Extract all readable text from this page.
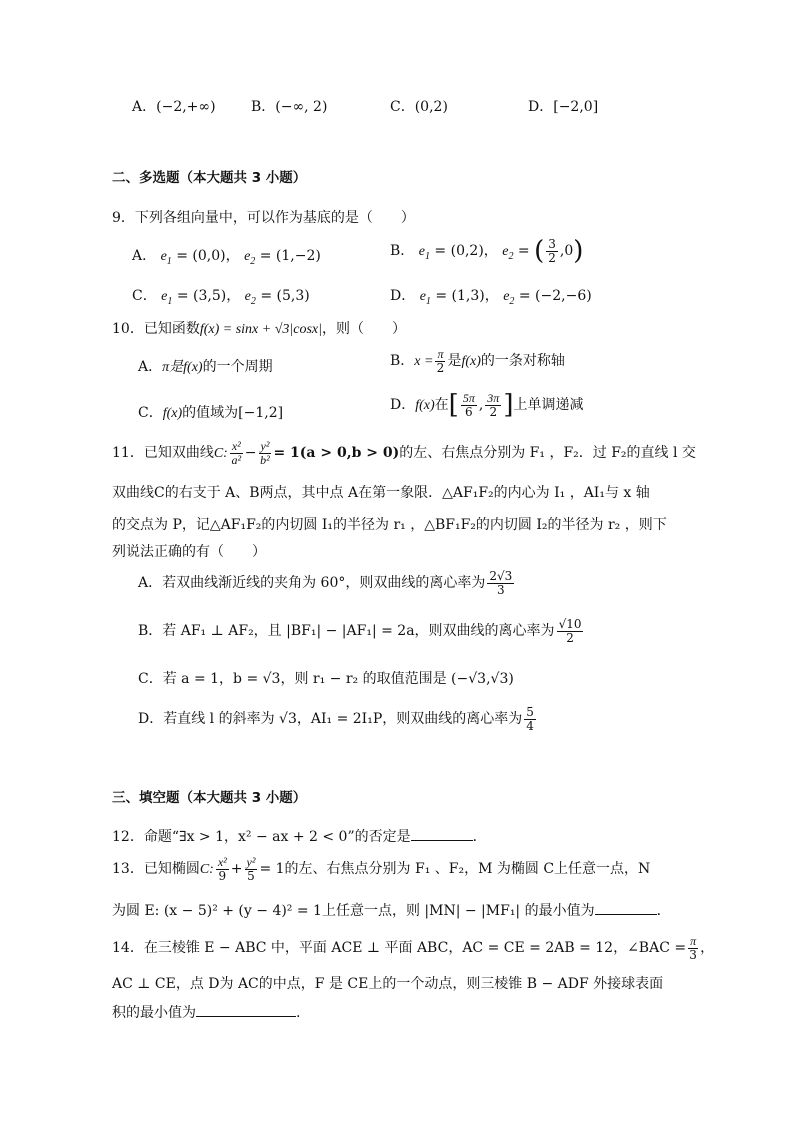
A．(−2,+∞)	B．(−∞, 2)	C．(0,2)	D．[−2,0]
二、多选题（本大题共 3 小题）
9．下列各组向量中，可以作为基底的是（　　）
A． $e_1 = (0,0)$， $e_2 = (1,-2)$	B． $e_1 = (0,2)$， $e_2$ = ( $\frac{3}{2} ,0$)
C． $e_1 = (3,5)$， $e_2 = (5,3)$	D． $e_1 = (1,3)$， $e_2 = (-2,-6)$
10．已知函数f(x) = sinx + √3|cosx|，则（　　）
A．π是f(x)的一个周期	B．$x = \frac{\pi}{2}$ 是f(x)的一条对称轴
C．f(x)的值域为[−1,2]	D．f(x)在[ $\frac{5\pi}{6}$ , $\frac{3\pi}{2}$ ]上单调递减
11．已知双曲线C: $\frac{\text{x²}}{\text{a²}} - \frac{\text{y²}}{\text{b²}} = 1(a > 0,b > 0)$的左、右焦点分别为 F₁ ，F₂．过 F₂的直线 l 交
双曲线C的右支于 A、B两点，其中点 A在第一象限．△AF₁F₂的内心为 I₁ ，AI₁与 x 轴
的交点为 P，记△AF₁F₂的内切圆 I₁的半径为 r₁ ，△BF₁F₂的内切圆 I₂的半径为 r₂ ，则下
列说法正确的有（　　）
A．若双曲线渐近线的夹角为 60°，则双曲线的离心率为 $\frac{2√3}{3}$
B．若 AF₁ ⊥ AF₂，且 |BF₁| − |AF₁| = 2a，则双曲线的离心率为 $\frac{√10}{2}$
C．若 a = 1，b = √3，则 r₁ − r₂ 的取值范围是 (−√3,√3)
D．若直线 l 的斜率为 √3，AI₁ = 2I₁P，则双曲线的离心率为 $\frac{5}{4}$
三、填空题（本大题共 3 小题）
12．命题“∃x > 1，x² − ax + 2 < 0”的否定是	．
13．已知椭圆C: $\frac{\text{x²}}{9} + \frac{\text{y²}}{5} = 1$的左、右焦点分别为 F₁ 、F₂，M 为椭圆 C上任意一点，N
为圆 E: (x − 5)² + (y − 4)² = 1上任意一点，则 |MN| − |MF₁| 的最小值为	．
14．在三棱锥 E − ABC 中，平面 ACE ⊥ 平面 ABC，AC = CE = 2AB = 12，∠BAC = $\frac{\pi}{3}$ ，
AC ⊥ CE，点 D为 AC的中点，F 是 CE上的一个动点，则三棱锥 B − ADF 外接球表面
积的最小值为	.
